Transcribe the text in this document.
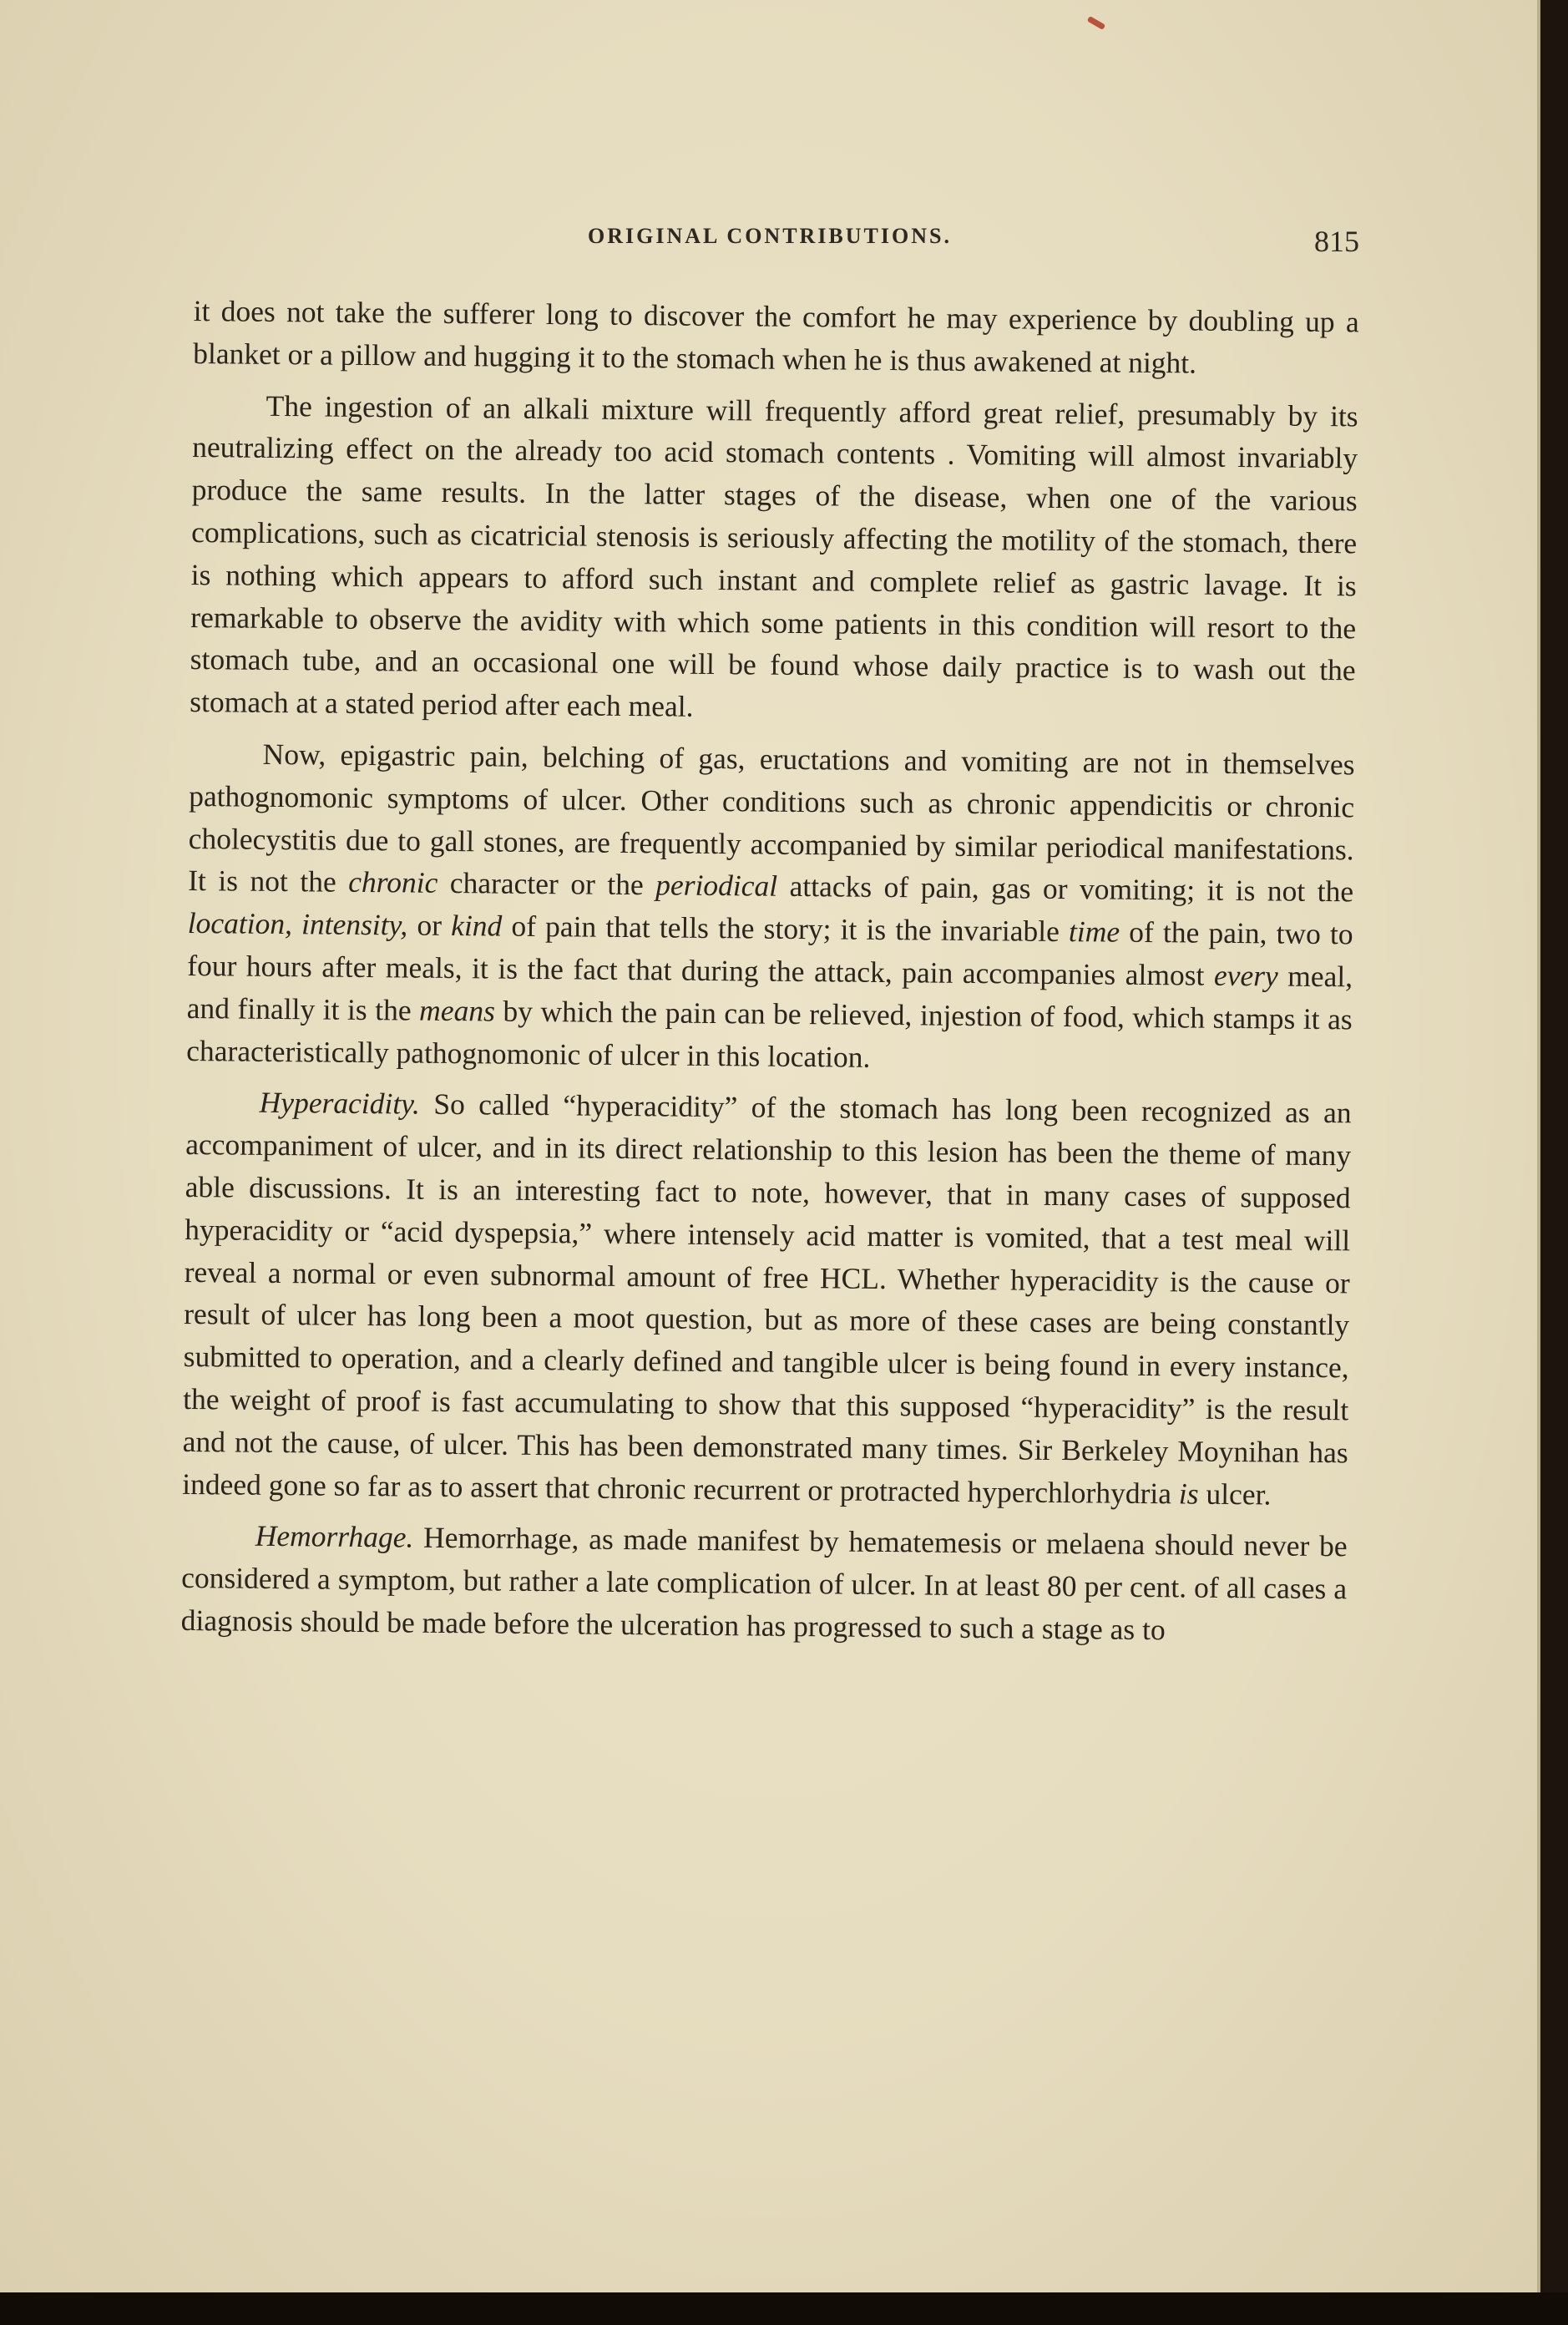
ORIGINAL CONTRIBUTIONS.	815

it does not take the sufferer long to discover the comfort he may experience by doubling up a blanket or a pillow and hugging it to the stomach when he is thus awakened at night.

The ingestion of an alkali mixture will frequently afford great relief, presumably by its neutralizing effect on the already too acid stomach contents . Vomiting will almost invariably produce the same results. In the latter stages of the disease, when one of the various complications, such as cicatricial stenosis is seriously affecting the motility of the stomach, there is nothing which appears to afford such instant and complete relief as gastric lavage. It is remarkable to observe the avidity with which some patients in this condition will resort to the stomach tube, and an occasional one will be found whose daily practice is to wash out the stomach at a stated period after each meal.

Now, epigastric pain, belching of gas, eructations and vomiting are not in themselves pathognomonic symptoms of ulcer. Other conditions such as chronic appendicitis or chronic cholecystitis due to gall stones, are frequently accompanied by similar periodical manifestations. It is not the chronic character or the periodical attacks of pain, gas or vomiting; it is not the location, intensity, or kind of pain that tells the story; it is the invariable time of the pain, two to four hours after meals, it is the fact that during the attack, pain accompanies almost every meal, and finally it is the means by which the pain can be relieved, injestion of food, which stamps it as characteristically pathognomonic of ulcer in this location.

Hyperacidity. So called “hyperacidity” of the stomach has long been recognized as an accompaniment of ulcer, and in its direct relationship to this lesion has been the theme of many able discussions. It is an interesting fact to note, however, that in many cases of supposed hyperacidity or “acid dyspepsia,” where intensely acid matter is vomited, that a test meal will reveal a normal or even subnormal amount of free HCL. Whether hyperacidity is the cause or result of ulcer has long been a moot question, but as more of these cases are being constantly submitted to operation, and a clearly defined and tangible ulcer is being found in every instance, the weight of proof is fast accumulating to show that this supposed “hyperacidity” is the result and not the cause, of ulcer. This has been demonstrated many times. Sir Berkeley Moynihan has indeed gone so far as to assert that chronic recurrent or protracted hyperchlorhydria is ulcer.

Hemorrhage. Hemorrhage, as made manifest by hematemesis or melaena should never be considered a symptom, but rather a late complication of ulcer. In at least 80 per cent. of all cases a diagnosis should be made before the ulceration has progressed to such a stage as to
